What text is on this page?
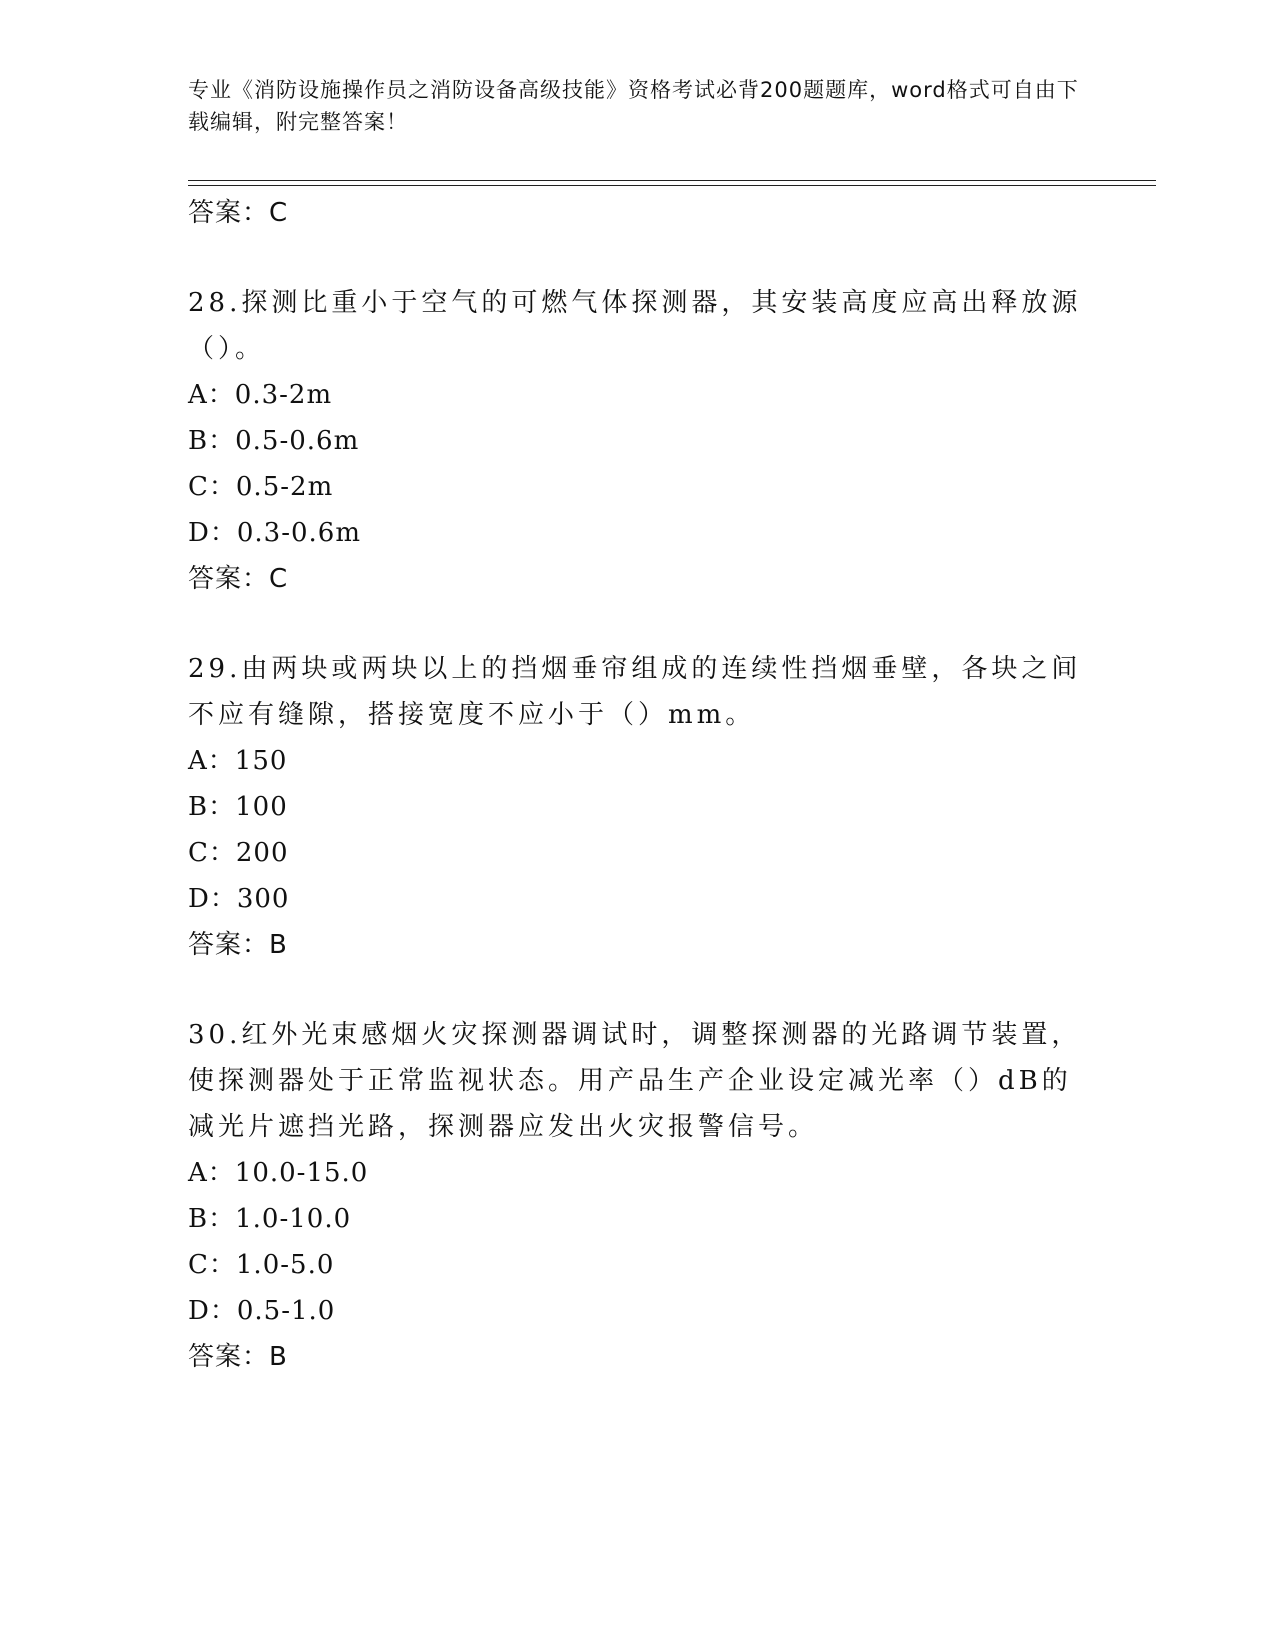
专业《消防设施操作员之消防设备高级技能》资格考试必背200题题库，word格式可自由下载编辑，附完整答案！
答案：C
28.探测比重小于空气的可燃气体探测器，其安装高度应高出释放源（）。
A：0.3-2m
B：0.5-0.6m
C：0.5-2m
D：0.3-0.6m
答案：C
29.由两块或两块以上的挡烟垂帘组成的连续性挡烟垂壁，各块之间不应有缝隙，搭接宽度不应小于（）mm。
A：150
B：100
C：200
D：300
答案：B
30.红外光束感烟火灾探测器调试时，调整探测器的光路调节装置，使探测器处于正常监视状态。用产品生产企业设定减光率（）dB的减光片遮挡光路，探测器应发出火灾报警信号。
A：10.0-15.0
B：1.0-10.0
C：1.0-5.0
D：0.5-1.0
答案：B
